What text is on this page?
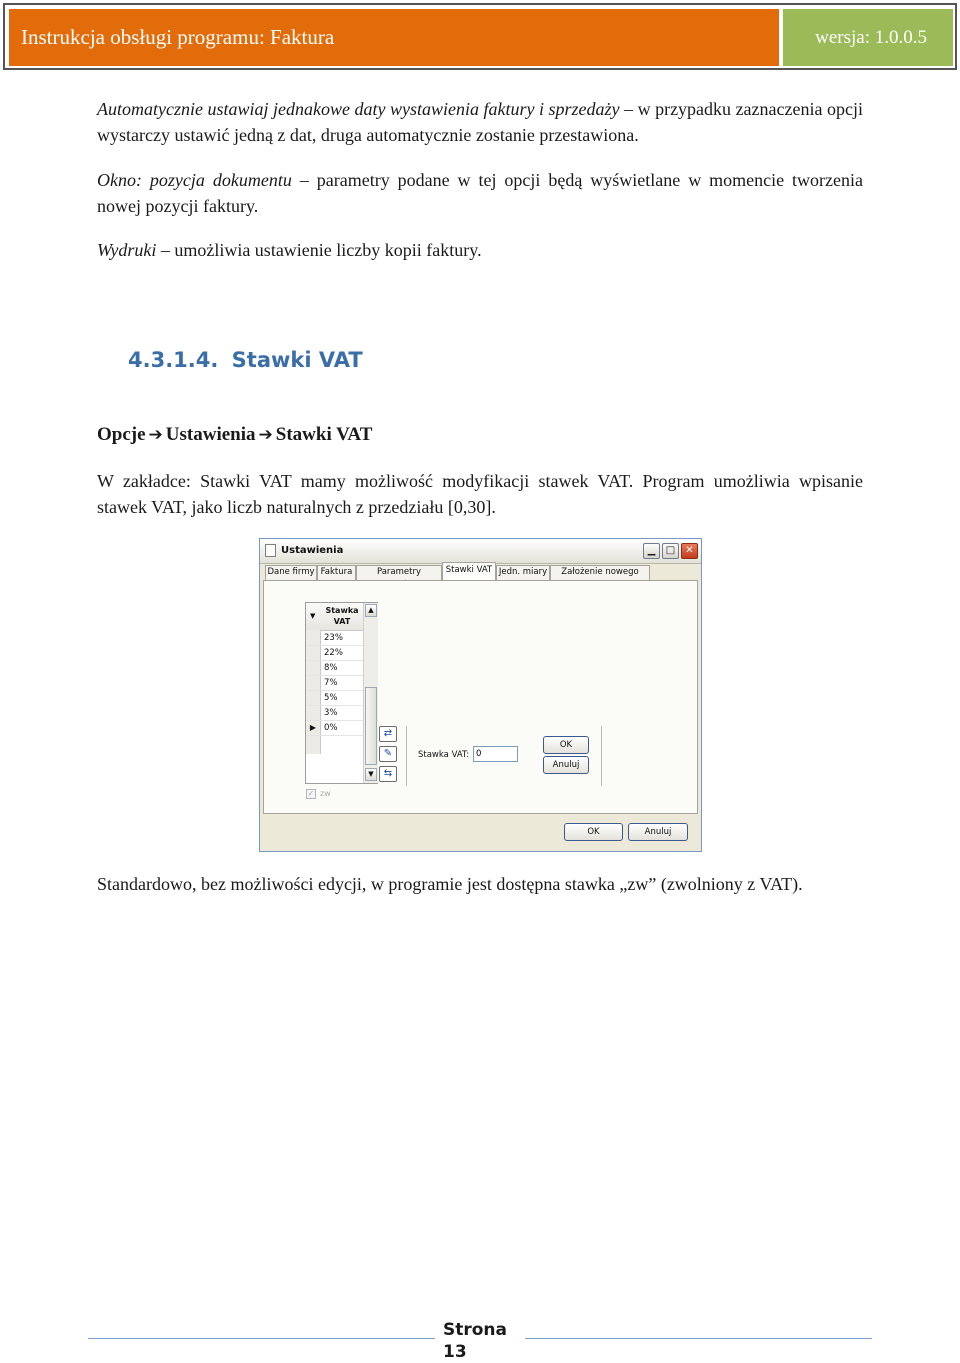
Instrukcja obsługi programu: Faktura	wersja: 1.0.0.5
Automatycznie ustawiaj jednakowe daty wystawienia faktury i sprzedaży – w przypadku zaznaczenia opcji wystarczy ustawić jedną z dat, druga automatycznie zostanie przestawiona.
Okno: pozycja dokumentu – parametry podane w tej opcji będą wyświetlane w momencie tworzenia nowej pozycji faktury.
Wydruki – umożliwia ustawienie liczby kopii faktury.
4.3.1.4. Stawki VAT
Opcje ➔ Ustawienia ➔ Stawki VAT
W zakładce: Stawki VAT mamy możliwość modyfikacji stawek VAT. Program umożliwia wpisanie stawek VAT, jako liczb naturalnych z przedziału [0,30].
Ustawienia	▁	□	✕
Dane firmy Faktura	Parametry	Stawki VAT Jedn. miary	Założenie nowego
▼
Stawka VAT
23%
22%
8%
7%
5%
3%
▶ 0%
▲
▼
⇄
✎
⇆
Stawka VAT:
0
OK
Anuluj
✓ zw
OK	Anuluj
Standardowo, bez możliwości edycji, w programie jest dostępna stawka „zw” (zwolniony z VAT).
Strona
13
